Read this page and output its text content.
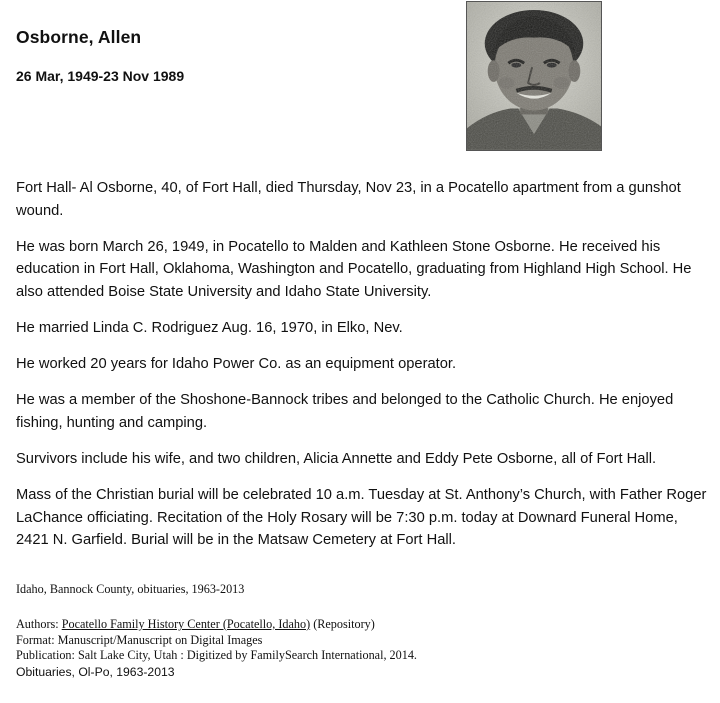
Osborne, Allen
26 Mar, 1949-23 Nov 1989

Fort Hall- Al Osborne, 40, of Fort Hall, died Thursday, Nov 23, in a Pocatello apartment from a gunshot wound.

He was born March 26, 1949, in Pocatello to Malden and Kathleen Stone Osborne. He received his education in Fort Hall, Oklahoma, Washington and Pocatello, graduating from Highland High School. He also attended Boise State University and Idaho State University.

He married Linda C. Rodriguez Aug. 16, 1970, in Elko, Nev.

He worked 20 years for Idaho Power Co. as an equipment operator.

He was a member of the Shoshone-Bannock tribes and belonged to the Catholic Church. He enjoyed fishing, hunting and camping.

Survivors include his wife, and two children, Alicia Annette and Eddy Pete Osborne, all of Fort Hall.

Mass of the Christian burial will be celebrated 10 a.m. Tuesday at St. Anthony’s Church, with Father Roger LaChance officiating. Recitation of the Holy Rosary will be 7:30 p.m. today at Downard Funeral Home, 2421 N. Garfield. Burial will be in the Matsaw Cemetery at Fort Hall.

Idaho, Bannock County, obituaries, 1963-2013
Authors: Pocatello Family History Center (Pocatello, Idaho) (Repository)
Format: Manuscript/Manuscript on Digital Images
Publication: Salt Lake City, Utah : Digitized by FamilySearch International, 2014.
Obituaries, Ol-Po, 1963-2013
